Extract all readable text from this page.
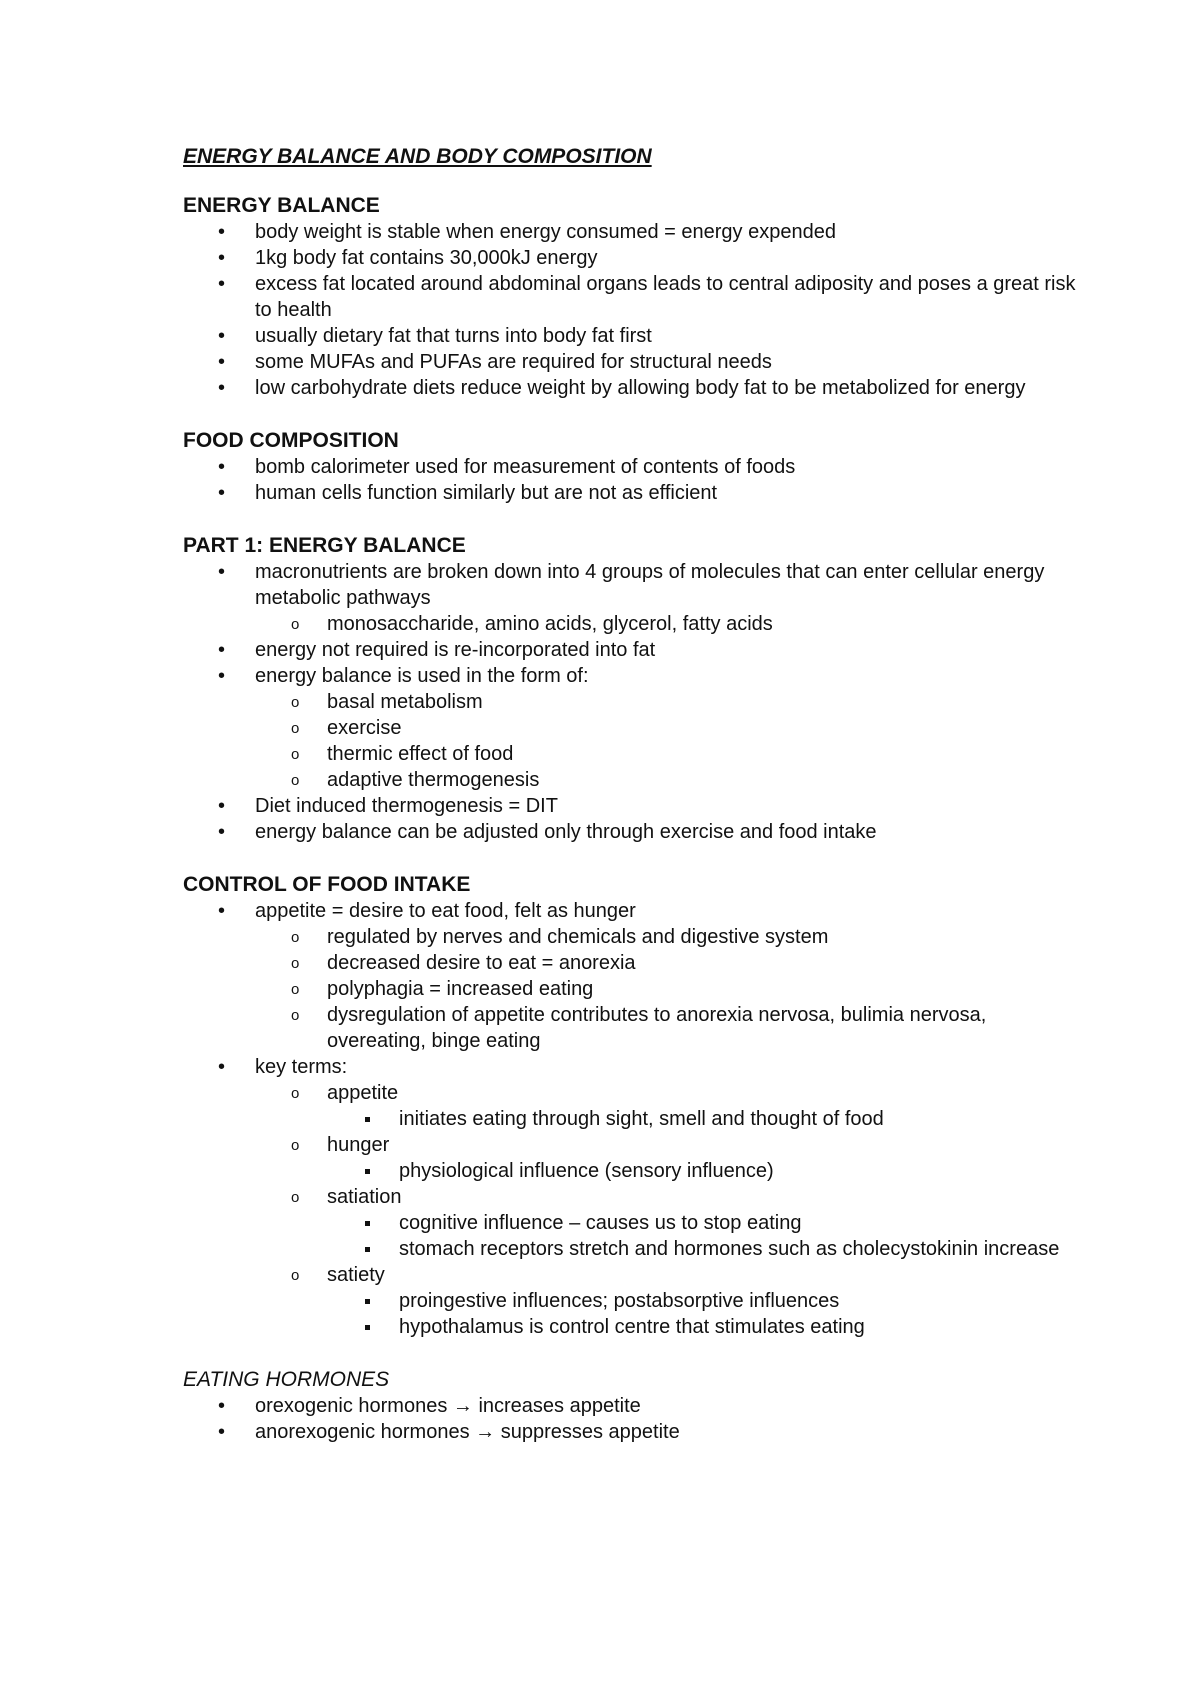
ENERGY BALANCE AND BODY COMPOSITION
ENERGY BALANCE
• body weight is stable when energy consumed = energy expended
• 1kg body fat contains 30,000kJ energy
• excess fat located around abdominal organs leads to central adiposity and poses a great risk to health
• usually dietary fat that turns into body fat first
• some MUFAs and PUFAs are required for structural needs
• low carbohydrate diets reduce weight by allowing body fat to be metabolized for energy
FOOD COMPOSITION
• bomb calorimeter used for measurement of contents of foods
• human cells function similarly but are not as efficient
PART 1: ENERGY BALANCE
• macronutrients are broken down into 4 groups of molecules that can enter cellular energy metabolic pathways
o monosaccharide, amino acids, glycerol, fatty acids
• energy not required is re-incorporated into fat
• energy balance is used in the form of:
o basal metabolism
o exercise
o thermic effect of food
o adaptive thermogenesis
• Diet induced thermogenesis = DIT
• energy balance can be adjusted only through exercise and food intake
CONTROL OF FOOD INTAKE
• appetite = desire to eat food, felt as hunger
o regulated by nerves and chemicals and digestive system
o decreased desire to eat = anorexia
o polyphagia = increased eating
o dysregulation of appetite contributes to anorexia nervosa, bulimia nervosa, overeating, binge eating
• key terms:
o appetite
initiates eating through sight, smell and thought of food
o hunger
physiological influence (sensory influence)
o satiation
cognitive influence – causes us to stop eating
stomach receptors stretch and hormones such as cholecystokinin increase
o satiety
proingestive influences; postabsorptive influences
hypothalamus is control centre that stimulates eating
EATING HORMONES
• orexogenic hormones → increases appetite
• anorexogenic hormones → suppresses appetite
